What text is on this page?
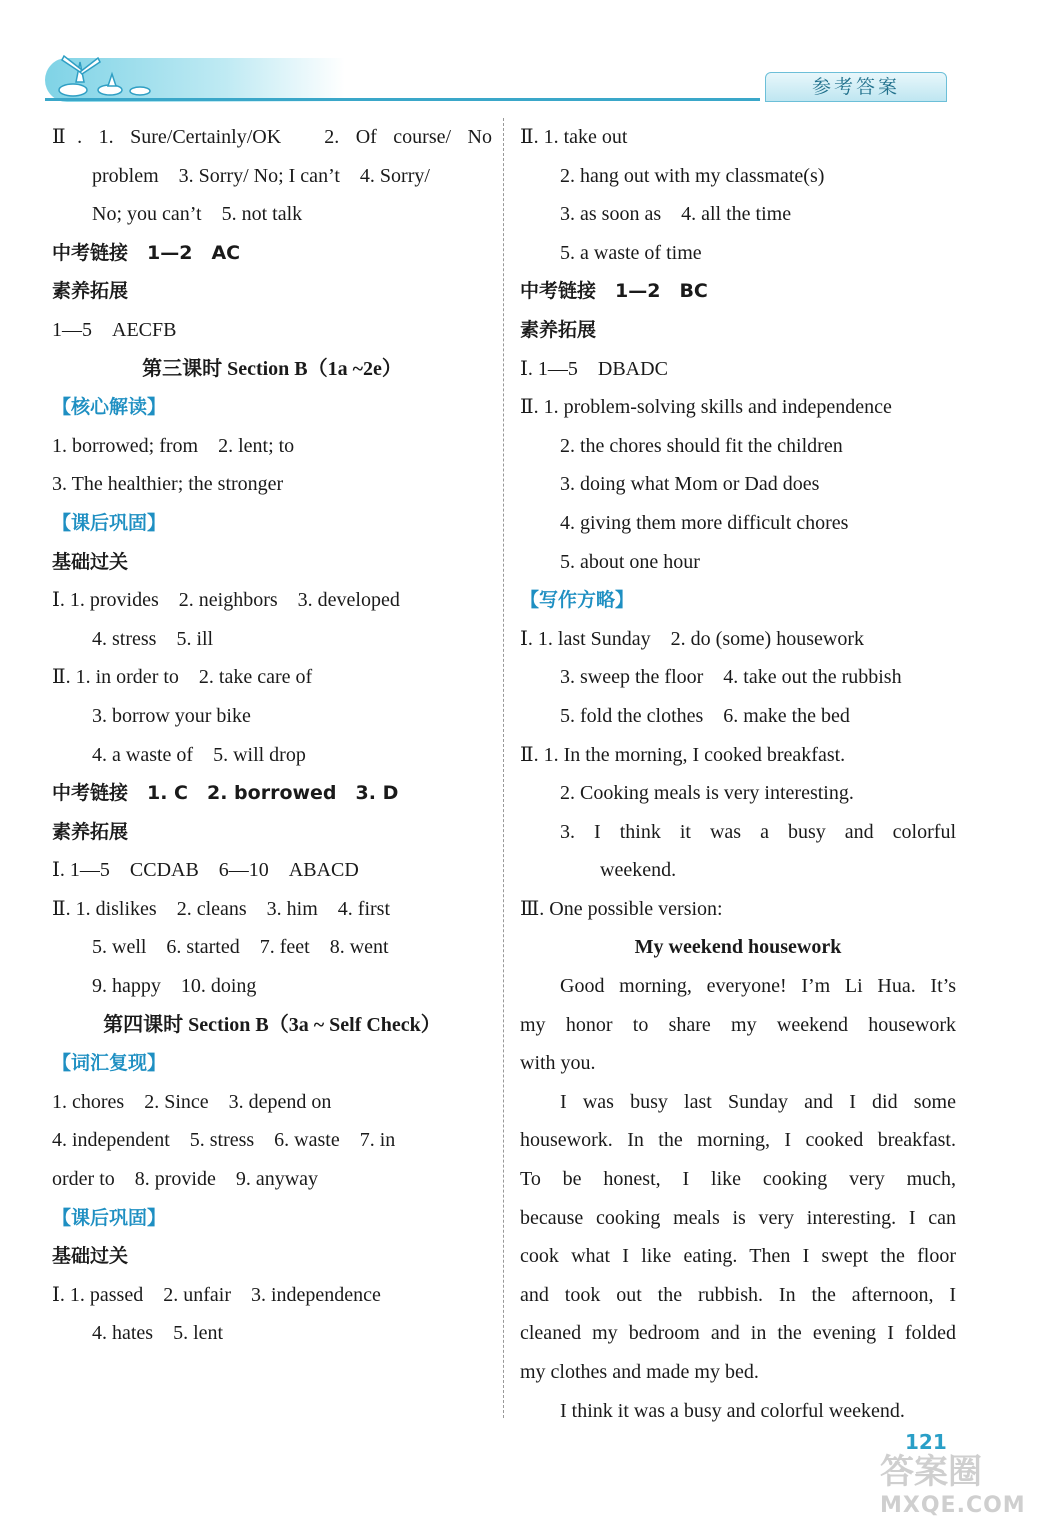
参考答案
Ⅱ. 1. Sure/Certainly/OK　2. Of course/ No
problem　3. Sorry/ No; I can’t　4. Sorry/
No; you can’t　5. not talk
中考链接　1—2　AC
素养拓展
1—5　AECFB
第三课时 Section B（1a ~2e）
【核心解读】
1. borrowed; from　2. lent; to
3. The healthier; the stronger
【课后巩固】
基础过关
Ⅰ. 1. provides　2. neighbors　3. developed
4. stress　5. ill
Ⅱ. 1. in order to　2. take care of
3. borrow your bike
4. a waste of　5. will drop
中考链接　1. C　2. borrowed　3. D
素养拓展
Ⅰ. 1—5　CCDAB　6—10　ABACD
Ⅱ. 1. dislikes　2. cleans　3. him　4. first
5. well　6. started　7. feet　8. went
9. happy　10. doing
第四课时 Section B（3a ~ Self Check）
【词汇复现】
1. chores　2. Since　3. depend on
4. independent　5. stress　6. waste　7. in
order to　8. provide　9. anyway
【课后巩固】
基础过关
Ⅰ. 1. passed　2. unfair　3. independence
4. hates　5. lent
Ⅱ. 1. take out
2. hang out with my classmate(s)
3. as soon as　4. all the time
5. a waste of time
中考链接　1—2　BC
素养拓展
Ⅰ. 1—5　DBADC
Ⅱ. 1. problem-solving skills and independence
2. the chores should fit the children
3. doing what Mom or Dad does
4. giving them more difficult chores
5. about one hour
【写作方略】
Ⅰ. 1. last Sunday　2. do (some) housework
3. sweep the floor　4. take out the rubbish
5. fold the clothes　6. make the bed
Ⅱ. 1. In the morning, I cooked breakfast.
2. Cooking meals is very interesting.
3. I think it was a busy and colorful
weekend.
Ⅲ. One possible version:
My weekend housework
Good morning, everyone! I’m Li Hua. It’s
my honor to share my weekend housework
with you.
I was busy last Sunday and I did some
housework. In the morning, I cooked breakfast.
To be honest, I like cooking very much,
because cooking meals is very interesting. I can
cook what I like eating. Then I swept the floor
and took out the rubbish. In the afternoon, I
cleaned my bedroom and in the evening I folded
my clothes and made my bed.
I think it was a busy and colorful weekend.
121
答案圈
MXQE.COM
